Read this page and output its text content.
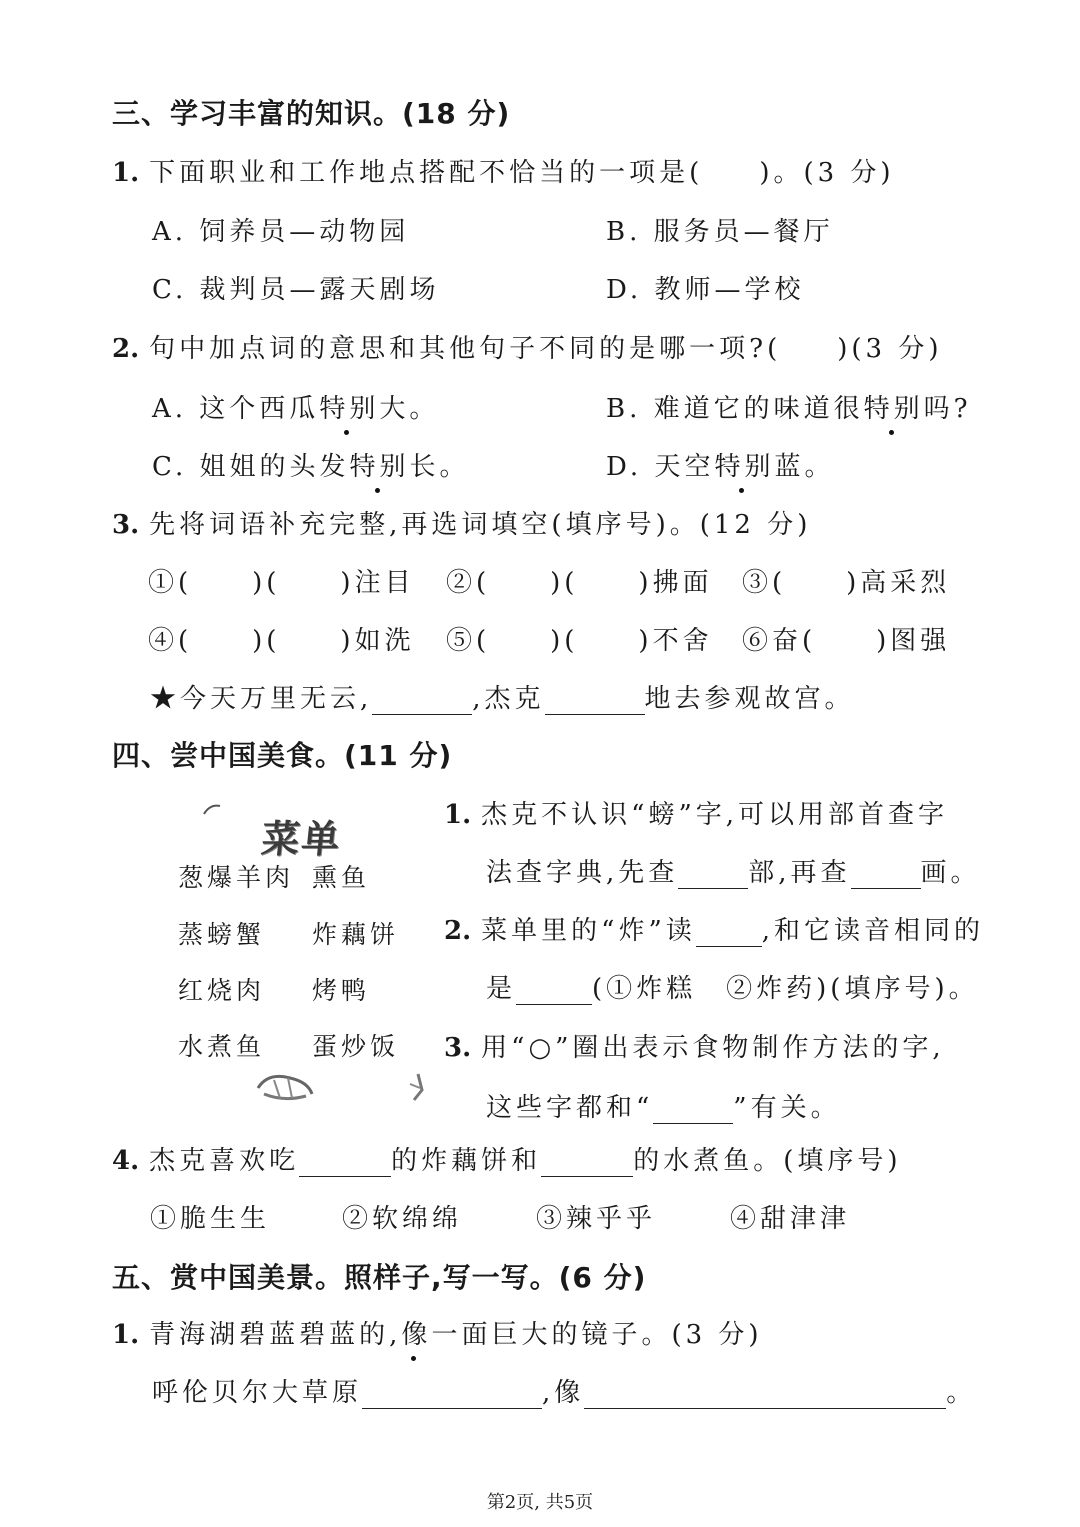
三、学习丰富的知识。(18 分)
1. 下面职业和工作地点搭配不恰当的一项是( )。(3 分)
A. 饲养员—动物园	B. 服务员—餐厅
C. 裁判员—露天剧场	D. 教师—学校
2. 句中加点词的意思和其他句子不同的是哪一项?( )(3 分)
A. 这个西瓜特别大。	B. 难道它的味道很特别吗?
C. 姐姐的头发特别长。	D. 天空特别蓝。
3. 先将词语补充完整,再选词填空(填序号)。(12 分)
①(　　)(　　)注目 ②(　　)(　　)拂面 ③(　　)高采烈
④(　　)(　　)如洗 ⑤(　　)(　　)不舍 ⑥奋(　　)图强
★今天万里无云,	,杰克	地去参观故宫。
四、尝中国美食。(11 分)
菜单
葱爆羊肉 熏鱼
蒸螃蟹 炸藕饼
红烧肉 烤鸭
水煮鱼 蛋炒饭
1. 杰克不认识“螃”字,可以用部首查字
法查字典,先查	部,再查	画。
2. 菜单里的“炸”读	,和它读音相同的
是	(①炸糕　②炸药)(填序号)。
3. 用“○”圈出表示食物制作方法的字,
这些字都和“	”有关。
4. 杰克喜欢吃	的炸藕饼和	的水煮鱼。(填序号)
①脆生生	②软绵绵	③辣乎乎	④甜津津
五、赏中国美景。照样子,写一写。(6 分)
1. 青海湖碧蓝碧蓝的,像一面巨大的镜子。(3 分)
呼伦贝尔大草原	,像	。
第2页, 共5页
